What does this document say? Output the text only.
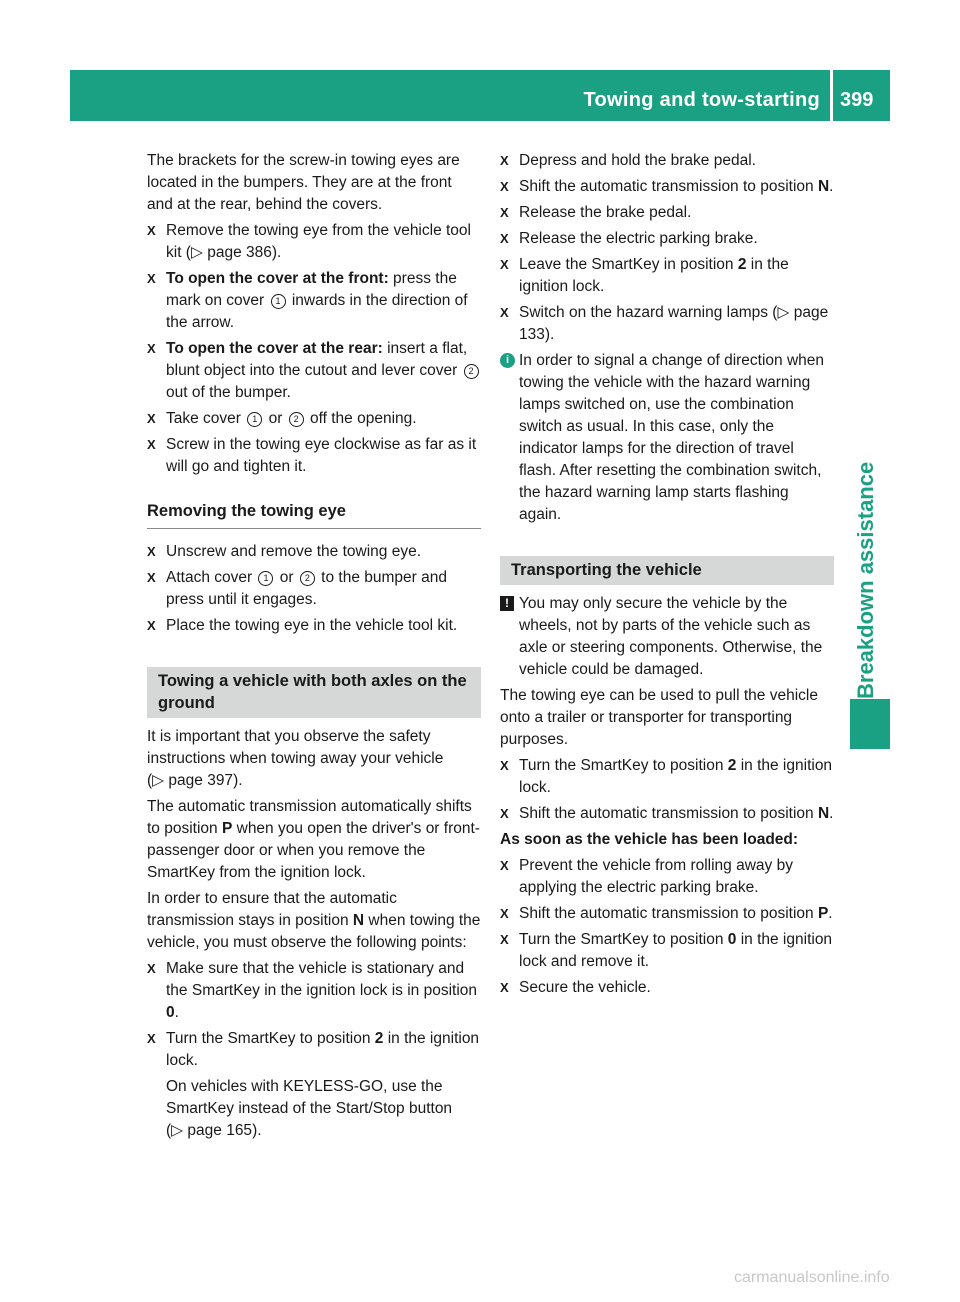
Towing and tow-starting 399
Breakdown assistance

The brackets for the screw-in towing eyes are located in the bumpers. They are at the front and at the rear, behind the covers.

X Remove the towing eye from the vehicle tool kit (▷ page 386).
X To open the cover at the front: press the mark on cover 1 inwards in the direction of the arrow.
X To open the cover at the rear: insert a flat, blunt object into the cutout and lever cover 2 out of the bumper.
X Take cover 1 or 2 off the opening.
X Screw in the towing eye clockwise as far as it will go and tighten it.
Removing the towing eye
X Unscrew and remove the towing eye.
X Attach cover 1 or 2 to the bumper and press until it engages.
X Place the towing eye in the vehicle tool kit.
Towing a vehicle with both axles on the ground

It is important that you observe the safety instructions when towing away your vehicle (▷ page 397).

The automatic transmission automatically shifts to position P when you open the driver's or front-passenger door or when you remove the SmartKey from the ignition lock.

In order to ensure that the automatic transmission stays in position N when towing the vehicle, you must observe the following points:

X Make sure that the vehicle is stationary and the SmartKey in the ignition lock is in position 0.
X Turn the SmartKey to position 2 in the ignition lock.
On vehicles with KEYLESS-GO, use the SmartKey instead of the Start/Stop button (▷ page 165).
X Depress and hold the brake pedal.
X Shift the automatic transmission to position N.
X Release the brake pedal.
X Release the electric parking brake.
X Leave the SmartKey in position 2 in the ignition lock.
X Switch on the hazard warning lamps (▷ page 133).
i In order to signal a change of direction when towing the vehicle with the hazard warning lamps switched on, use the combination switch as usual. In this case, only the indicator lamps for the direction of travel flash. After resetting the combination switch, the hazard warning lamp starts flashing again.
Transporting the vehicle
! You may only secure the vehicle by the wheels, not by parts of the vehicle such as axle or steering components. Otherwise, the vehicle could be damaged.

The towing eye can be used to pull the vehicle onto a trailer or transporter for transporting purposes.

X Turn the SmartKey to position 2 in the ignition lock.
X Shift the automatic transmission to position N.

As soon as the vehicle has been loaded:

X Prevent the vehicle from rolling away by applying the electric parking brake.
X Shift the automatic transmission to position P.
X Turn the SmartKey to position 0 in the ignition lock and remove it.
X Secure the vehicle.
carmanualsonline.info
